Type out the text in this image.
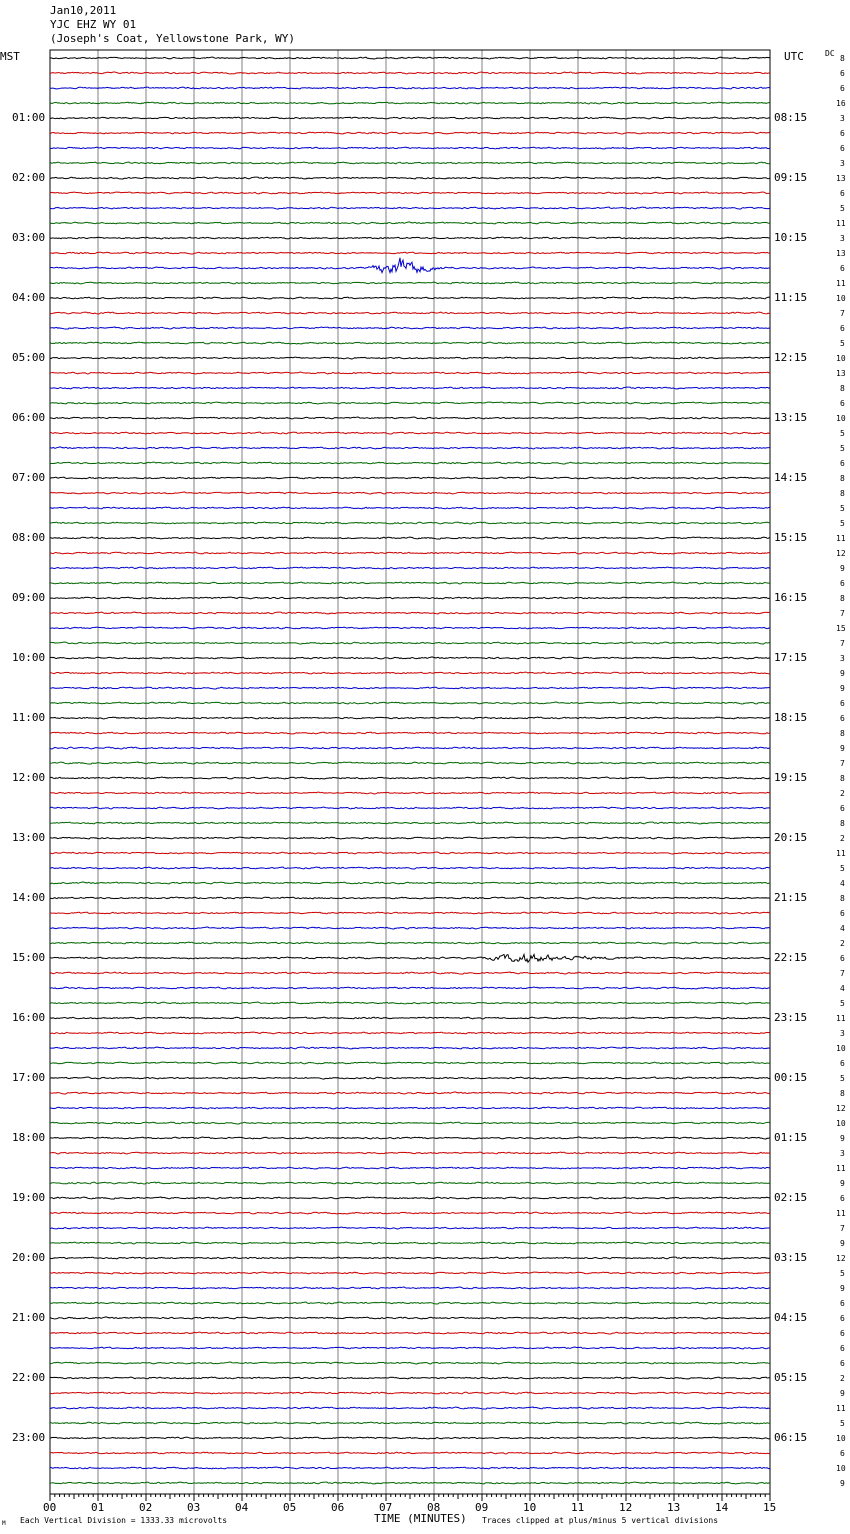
Jan10,2011
YJC EHZ WY 01
(Joseph's Coat, Yellowstone Park, WY)
MST	UTC	DC
01:00
02:00
03:00
04:00
05:00
06:00
07:00
08:00
09:00
10:00
11:00
12:00
13:00
14:00
15:00
16:00
17:00
18:00
19:00
20:00
21:00
22:00
23:00
08:15
09:15
10:15
11:15
12:15
13:15
14:15
15:15
16:15
17:15
18:15
19:15
20:15
21:15
22:15
23:15
00:15
01:15
02:15
03:15
04:15
05:15
06:15
8
6
6
16
3
6
6
3
13
6
5
11
3
13
6
11
10
7
6
5
10
13
8
6
10
5
5
6
8
8
5
5
11
12
9
6
8
7
15
7
3
9
9
6
6
8
9
7
8
2
6
8
2
11
5
4
8
6
4
2
6
7
4
5
11
3
10
6
5
8
12
10
9
3
11
9
6
11
7
9
12
5
9
6
6
6
6
6
2
9
11
5
10
6
10
9
00	01	02	03	04	05	06	07	08	09	10	11	12	13	14	15
M Each Vertical Division = 1333.33 microvolts	TIME (MINUTES) Traces clipped at plus/minus 5 vertical divisions
